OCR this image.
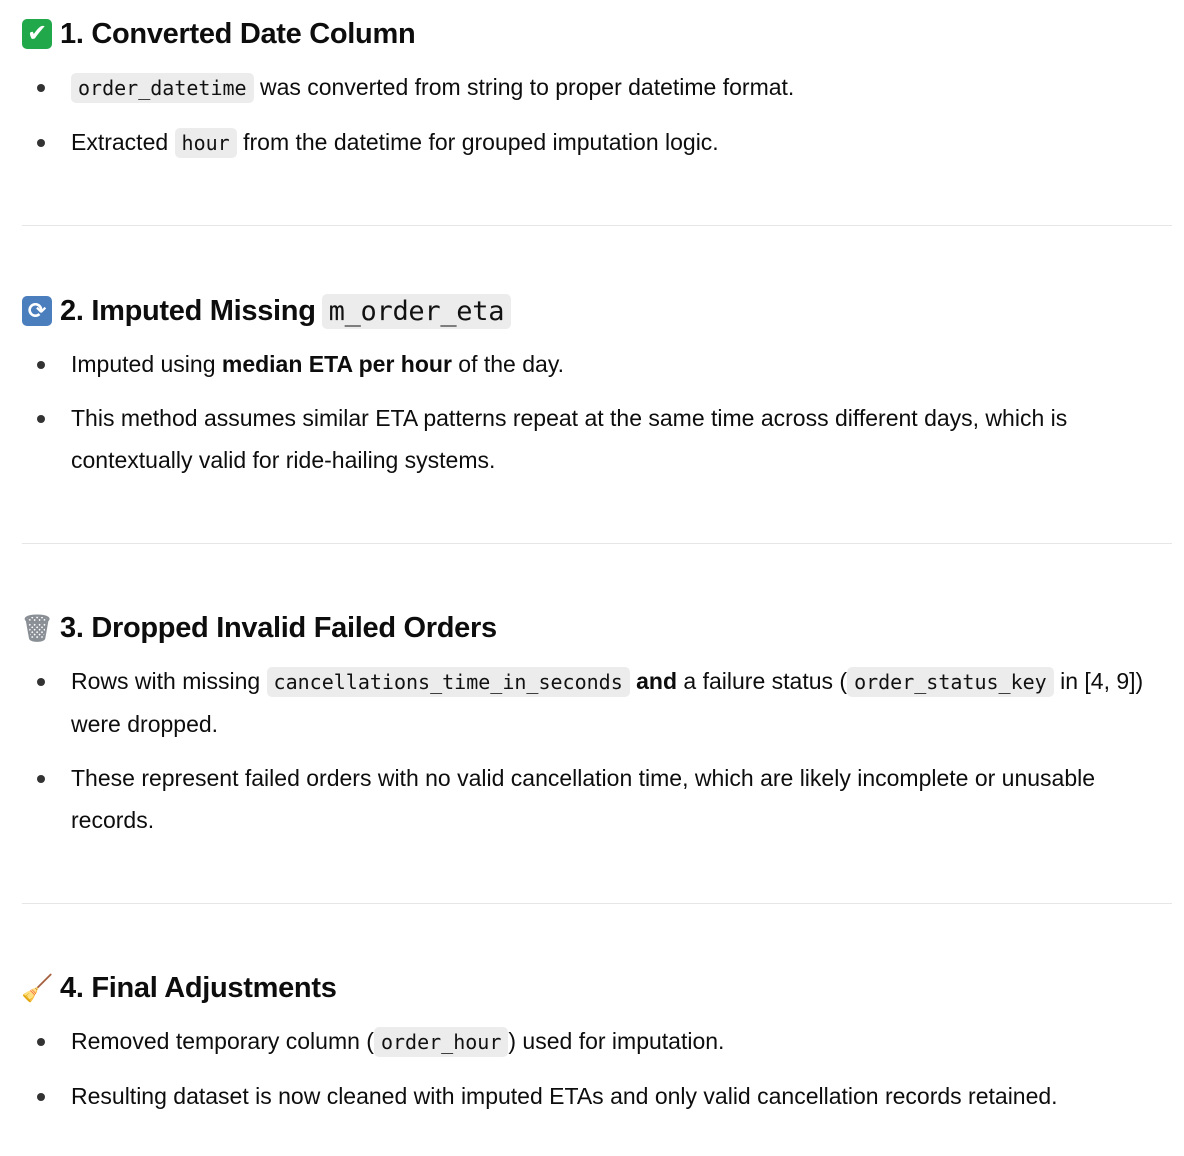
✔ 1. Converted Date Column
order_datetime was converted from string to proper datetime format.
Extracted hour from the datetime for grouped imputation logic.
⟳ 2. Imputed Missing m_order_eta
Imputed using median ETA per hour of the day.
This method assumes similar ETA patterns repeat at the same time across different days, which is contextually valid for ride-hailing systems.
🗑 3. Dropped Invalid Failed Orders
Rows with missing cancellations_time_in_seconds and a failure status ( order_status_key in [4, 9]) were dropped.
These represent failed orders with no valid cancellation time, which are likely incomplete or unusable records.
🧹 4. Final Adjustments
Removed temporary column ( order_hour ) used for imputation.
Resulting dataset is now cleaned with imputed ETAs and only valid cancellation records retained.
